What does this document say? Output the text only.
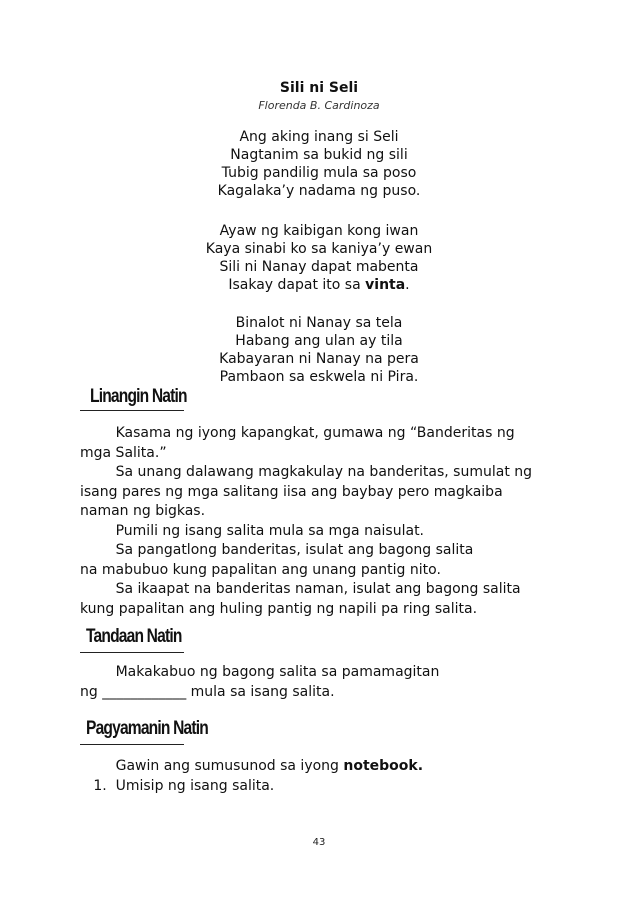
Sili ni Seli
Florenda B. Cardinoza
Ang aking inang si Seli
Nagtanim sa bukid ng sili
Tubig pandilig mula sa poso
Kagalaka’y nadama ng puso.
Ayaw ng kaibigan kong iwan
Kaya sinabi ko sa kaniya’y ewan
Sili ni Nanay dapat mabenta
Isakay dapat ito sa vinta.
Binalot ni Nanay sa tela
Habang ang ulan ay tila
Kabayaran ni Nanay na pera
Pambaon sa eskwela ni Pira.
Linangin Natin
Kasama ng iyong kapangkat, gumawa ng “Banderitas ng
mga Salita.”
Sa unang dalawang magkakulay na banderitas, sumulat ng
isang pares ng mga salitang iisa ang baybay pero magkaiba
naman ng bigkas.
Pumili ng isang salita mula sa mga naisulat.
Sa pangatlong banderitas, isulat ang bagong salita
na mabubuo kung papalitan ang unang pantig nito.
Sa ikaapat na banderitas naman, isulat ang bagong salita
kung papalitan ang huling pantig ng napili pa ring salita.
Tandaan Natin
Makakabuo ng bagong salita sa pamamagitan
ng ____________ mula sa isang salita.
Pagyamanin Natin
Gawin ang sumusunod sa iyong notebook.
1.  Umisip ng isang salita.
43
